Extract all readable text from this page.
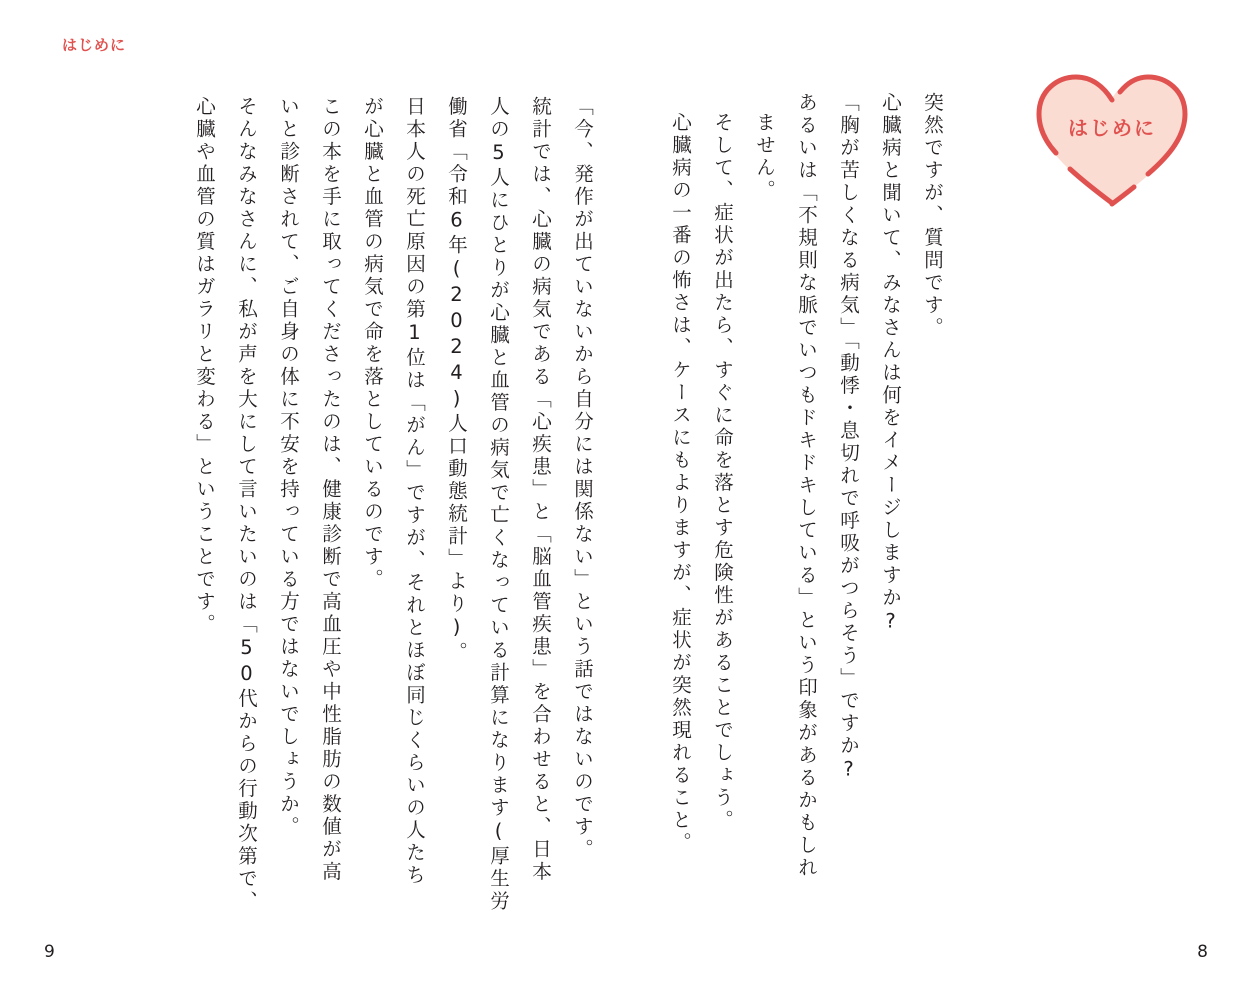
はじめに
はじめに
突然ですが、質問です。
心臓病と聞いて、みなさんは何をイメージしますか?
「胸が苦しくなる病気」「動悸・息切れで呼吸がつらそう」ですか?
あるいは「不規則な脈でいつもドキドキしている」という印象があるかもしれ
ません。
そして、症状が出たら、すぐに命を落とす危険性があることでしょう。
心臓病の一番の怖さは、ケースにもよりますが、症状が突然現れること。
「今、発作が出ていないから自分には関係ない」という話ではないのです。
統計では、心臓の病気である「心疾患」と「脳血管疾患」を合わせると、日本
人の5人にひとりが心臓と血管の病気で亡くなっている計算になります(厚生労
働省「令和6年(2024)人口動態統計」より)。
日本人の死亡原因の第1位は「がん」ですが、それとほぼ同じくらいの人たち
が心臓と血管の病気で命を落としているのです。
この本を手に取ってくださったのは、健康診断で高血圧や中性脂肪の数値が高
いと診断されて、ご自身の体に不安を持っている方ではないでしょうか。
そんなみなさんに、私が声を大にして言いたいのは「50代からの行動次第で、
心臓や血管の質はガラリと変わる」ということです。
9	8
